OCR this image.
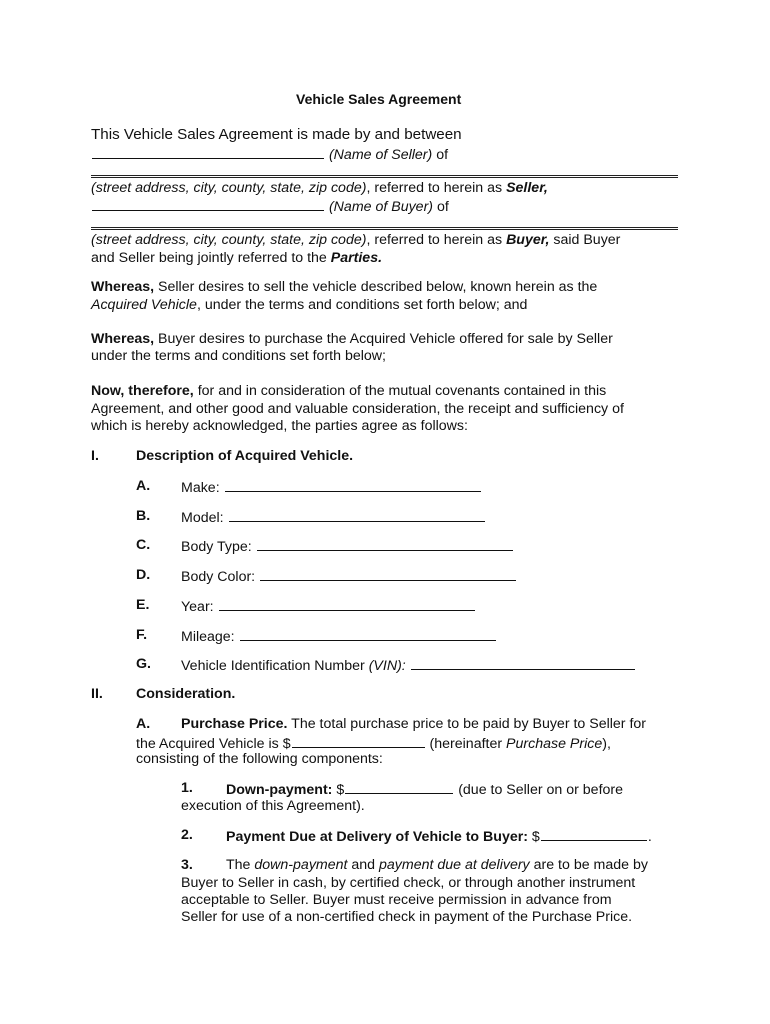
Vehicle Sales Agreement
This Vehicle Sales Agreement is made by and between
(Name of Seller) of
(street address, city, county, state, zip code), referred to herein as Seller,
(Name of Buyer) of
(street address, city, county, state, zip code), referred to herein as Buyer, said Buyer
and Seller being jointly referred to the Parties.
Whereas, Seller desires to sell the vehicle described below, known herein as the
Acquired Vehicle, under the terms and conditions set forth below; and
Whereas, Buyer desires to purchase the Acquired Vehicle offered for sale by Seller
under the terms and conditions set forth below;
Now, therefore, for and in consideration of the mutual covenants contained in this
Agreement, and other good and valuable consideration, the receipt and sufficiency of
which is hereby acknowledged, the parties agree as follows:
I.	Description of Acquired Vehicle.
A. Make:
B. Model:
C. Body Type:
D. Body Color:
E. Year:
F. Mileage:
G. Vehicle Identification Number (VIN):
II. Consideration.
A. Purchase Price. The total purchase price to be paid by Buyer to Seller for
the Acquired Vehicle is $	(hereinafter Purchase Price),
consisting of the following components:
1. Down-payment: $	(due to Seller on or before
execution of this Agreement).
2. Payment Due at Delivery of Vehicle to Buyer: $	.
3. The down-payment and payment due at delivery are to be made by
Buyer to Seller in cash, by certified check, or through another instrument
acceptable to Seller. Buyer must receive permission in advance from
Seller for use of a non-certified check in payment of the Purchase Price.
